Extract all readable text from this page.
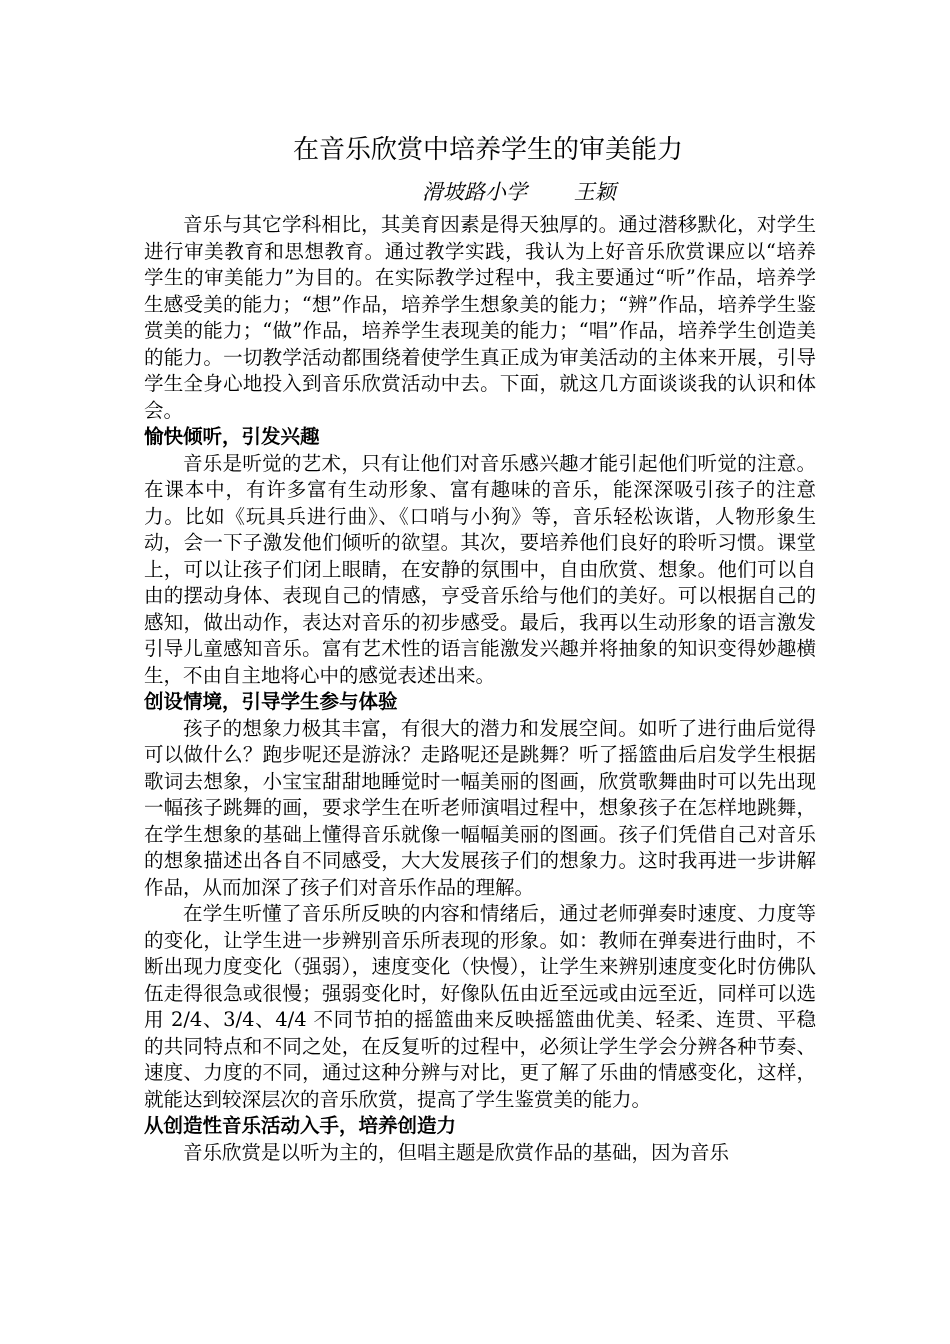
在音乐欣赏中培养学生的审美能力
滑坡路小学       王颖

音乐与其它学科相比，其美育因素是得天独厚的。通过潜移默化，对学生进行审美教育和思想教育。通过教学实践，我认为上好音乐欣赏课应以“培养学生的审美能力”为目的。在实际教学过程中，我主要通过“听”作品，培养学生感受美的能力；“想”作品，培养学生想象美的能力；“辨”作品，培养学生鉴赏美的能力；“做”作品，培养学生表现美的能力；“唱”作品，培养学生创造美的能力。一切教学活动都围绕着使学生真正成为审美活动的主体来开展，引导学生全身心地投入到音乐欣赏活动中去。下面，就这几方面谈谈我的认识和体会。

愉快倾听，引发兴趣

音乐是听觉的艺术，只有让他们对音乐感兴趣才能引起他们听觉的注意。在课本中，有许多富有生动形象、富有趣味的音乐，能深深吸引孩子的注意力。比如《玩具兵进行曲》、《口哨与小狗》等，音乐轻松诙谐，人物形象生动，会一下子激发他们倾听的欲望。其次，要培养他们良好的聆听习惯。课堂上，可以让孩子们闭上眼睛，在安静的氛围中，自由欣赏、想象。他们可以自由的摆动身体、表现自己的情感，亨受音乐给与他们的美好。可以根据自己的感知，做出动作，表达对音乐的初步感受。最后，我再以生动形象的语言激发引导儿童感知音乐。富有艺术性的语言能激发兴趣并将抽象的知识变得妙趣横生，不由自主地将心中的感觉表述出来。

创设情境，引导学生参与体验

孩子的想象力极其丰富，有很大的潜力和发展空间。如听了进行曲后觉得可以做什么？跑步呢还是游泳？走路呢还是跳舞？听了摇篮曲后启发学生根据歌词去想象，小宝宝甜甜地睡觉时一幅美丽的图画，欣赏歌舞曲时可以先出现一幅孩子跳舞的画，要求学生在听老师演唱过程中，想象孩子在怎样地跳舞，在学生想象的基础上懂得音乐就像一幅幅美丽的图画。孩子们凭借自己对音乐的想象描述出各自不同感受，大大发展孩子们的想象力。这时我再进一步讲解作品，从而加深了孩子们对音乐作品的理解。

在学生听懂了音乐所反映的内容和情绪后，通过老师弹奏时速度、力度等的变化，让学生进一步辨别音乐所表现的形象。如：教师在弹奏进行曲时，不断出现力度变化（强弱），速度变化（快慢），让学生来辨别速度变化时仿佛队伍走得很急或很慢；强弱变化时，好像队伍由近至远或由远至近，同样可以选用 2/4、3/4、4/4 不同节拍的摇篮曲来反映摇篮曲优美、轻柔、连贯、平稳的共同特点和不同之处，在反复听的过程中，必须让学生学会分辨各种节奏、速度、力度的不同，通过这种分辨与对比，更了解了乐曲的情感变化，这样，就能达到较深层次的音乐欣赏，提高了学生鉴赏美的能力。

从创造性音乐活动入手，培养创造力

音乐欣赏是以听为主的，但唱主题是欣赏作品的基础，因为音乐
